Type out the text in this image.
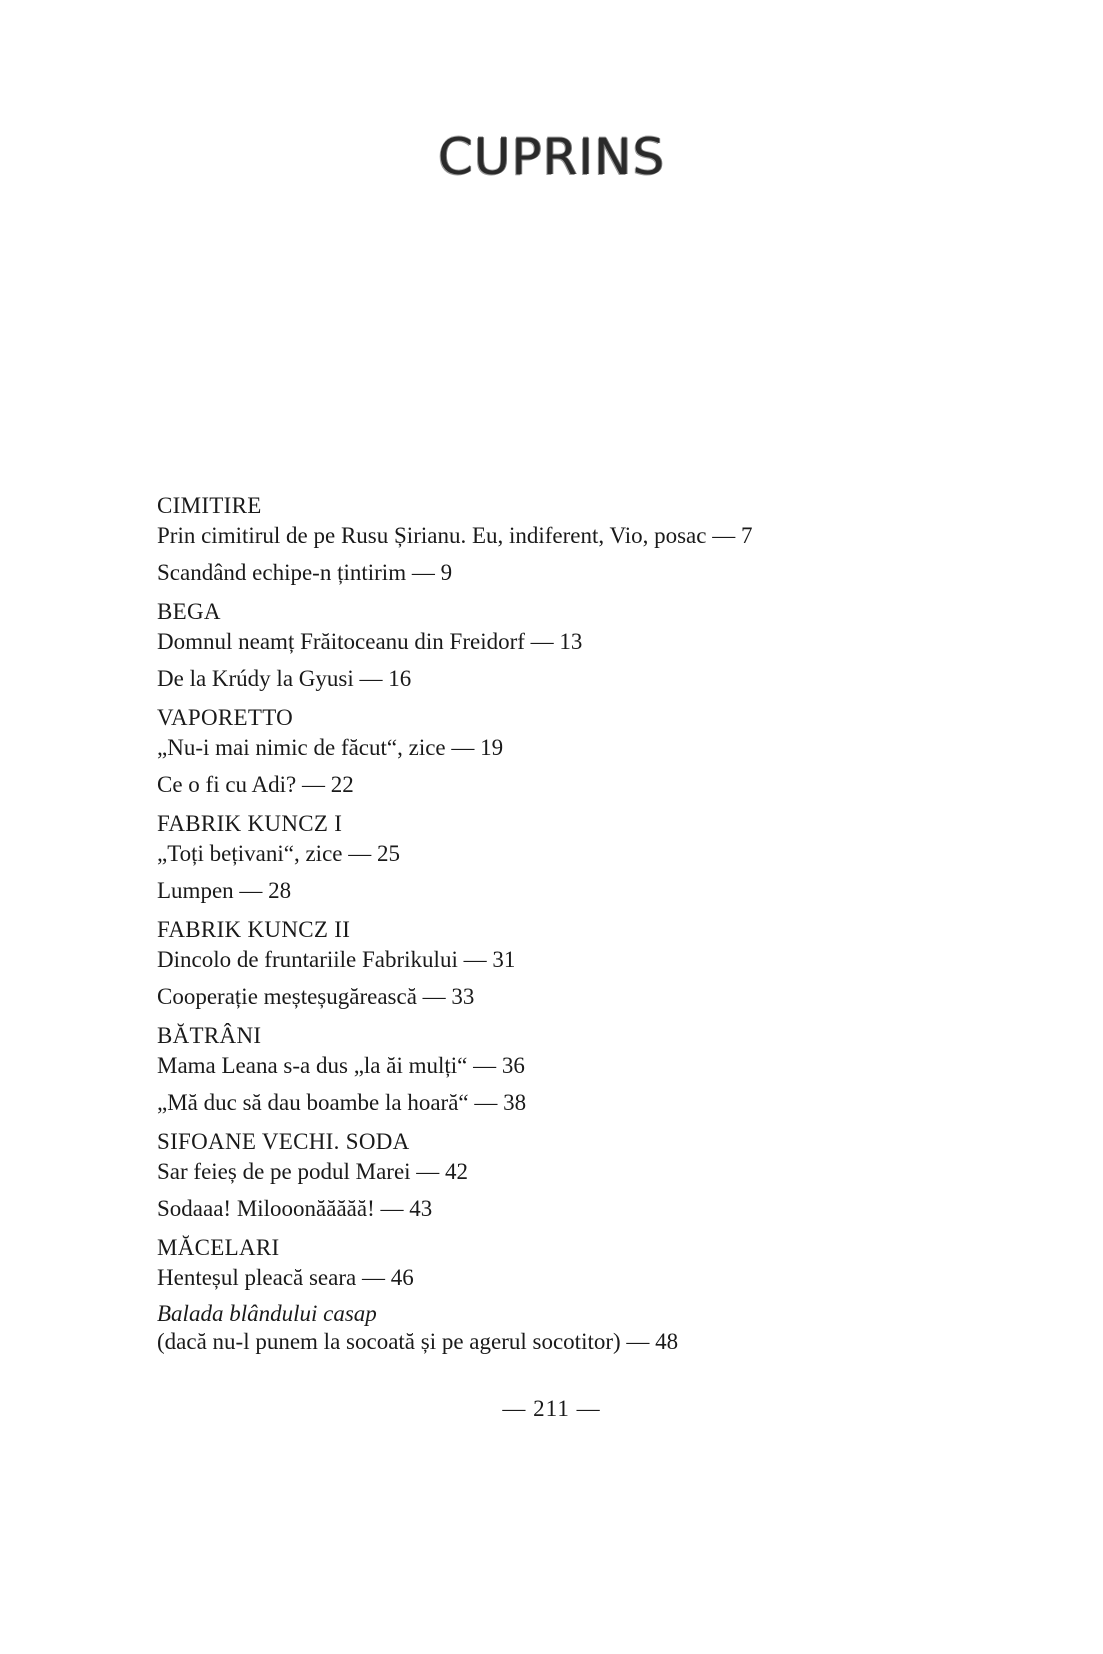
CUPRINS
CIMITIRE
Prin cimitirul de pe Rusu Șirianu. Eu, indiferent, Vio, posac — 7
Scandând echipe-n țintirim — 9
BEGA
Domnul neamț Frăitoceanu din Freidorf — 13
De la Krúdy la Gyusi — 16
VAPORETTO
„Nu-i mai nimic de făcut“, zice — 19
Ce o fi cu Adi? — 22
FABRIK KUNCZ I
„Toți bețivani“, zice — 25
Lumpen — 28
FABRIK KUNCZ II
Dincolo de fruntariile Fabrikului — 31
Cooperație meșteșugărească — 33
BĂTRÂNI
Mama Leana s-a dus „la ăi mulți“ — 36
„Mă duc să dau boambe la hoară“ — 38
SIFOANE VECHI. SODA
Sar feieș de pe podul Marei — 42
Sodaaa! Milooonăăăăă! — 43
MĂCELARI
Henteșul pleacă seara — 46
Balada blândului casap
(dacă nu-l punem la socoată și pe agerul socotitor) — 48
— 211 —
